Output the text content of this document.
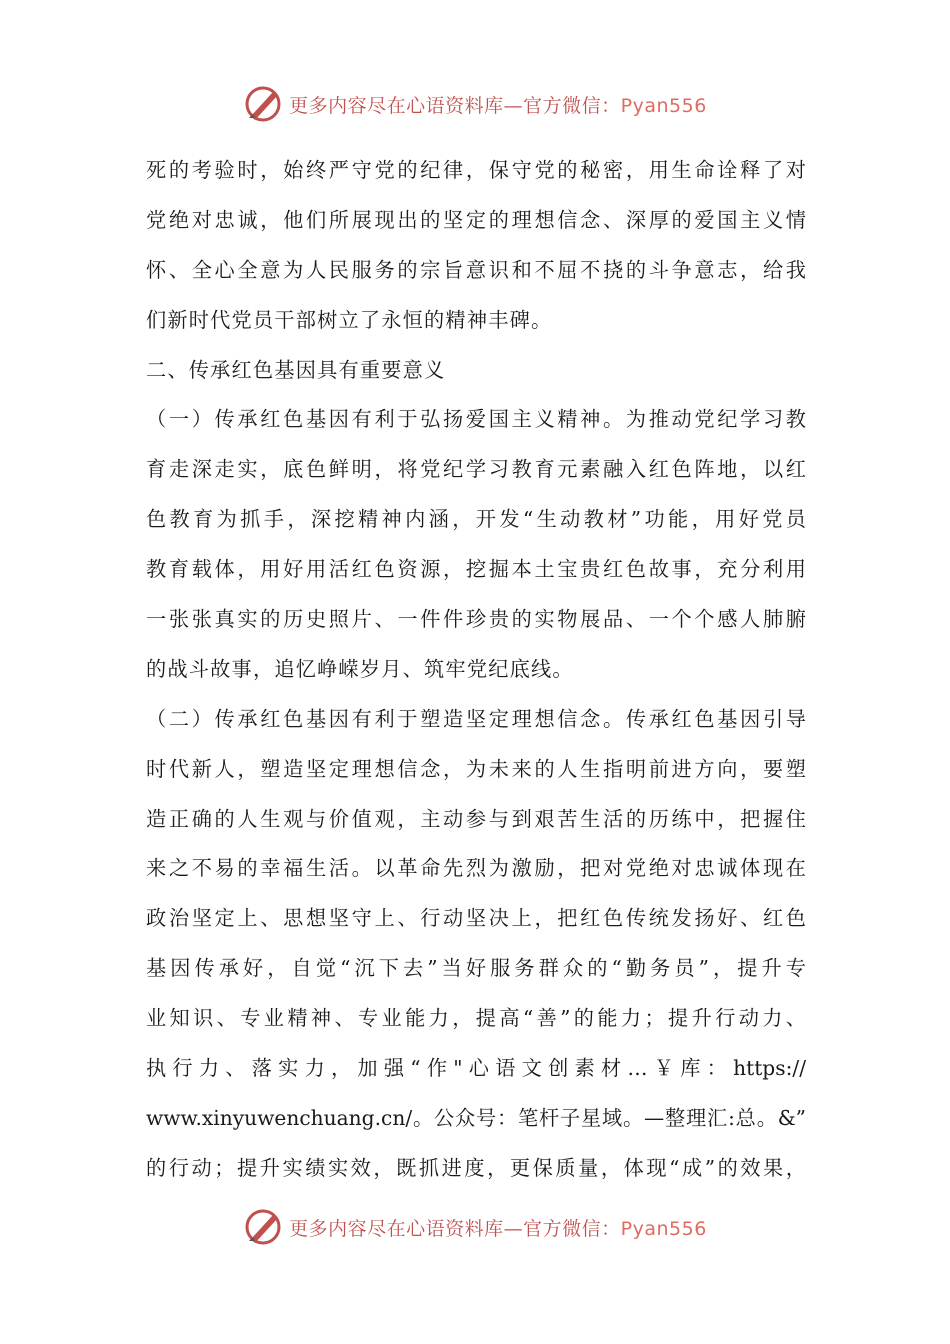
更多内容尽在心语资料库—官方微信：Pyan556
死的考验时，始终严守党的纪律，保守党的秘密，用生命诠释了对
党绝对忠诚，他们所展现出的坚定的理想信念、深厚的爱国主义情
怀、全心全意为人民服务的宗旨意识和不屈不挠的斗争意志，给我
们新时代党员干部树立了永恒的精神丰碑。
二、传承红色基因具有重要意义
（一）传承红色基因有利于弘扬爱国主义精神。为推动党纪学习教
育走深走实，底色鲜明，将党纪学习教育元素融入红色阵地，以红
色教育为抓手，深挖精神内涵，开发“生动教材”功能，用好党员
教育载体，用好用活红色资源，挖掘本土宝贵红色故事，充分利用
一张张真实的历史照片、一件件珍贵的实物展品、一个个感人肺腑
的战斗故事，追忆峥嵘岁月、筑牢党纪底线。
（二）传承红色基因有利于塑造坚定理想信念。传承红色基因引导
时代新人，塑造坚定理想信念，为未来的人生指明前进方向，要塑
造正确的人生观与价值观，主动参与到艰苦生活的历练中，把握住
来之不易的幸福生活。以革命先烈为激励，把对党绝对忠诚体现在
政治坚定上、思想坚守上、行动坚决上，把红色传统发扬好、红色
基因传承好，自觉“沉下去”当好服务群众的“勤务员”，提升专
业知识、专业精神、专业能力，提高“善”的能力；提升行动力、
执行力、落实力，加强“作"心语文创素材…￥库：https://
www.xinyuwenchuang.cn/。公众号：笔杆子星域。—整理汇:总。&”
的行动；提升实绩实效，既抓进度，更保质量，体现“成”的效果，
更多内容尽在心语资料库—官方微信：Pyan556
